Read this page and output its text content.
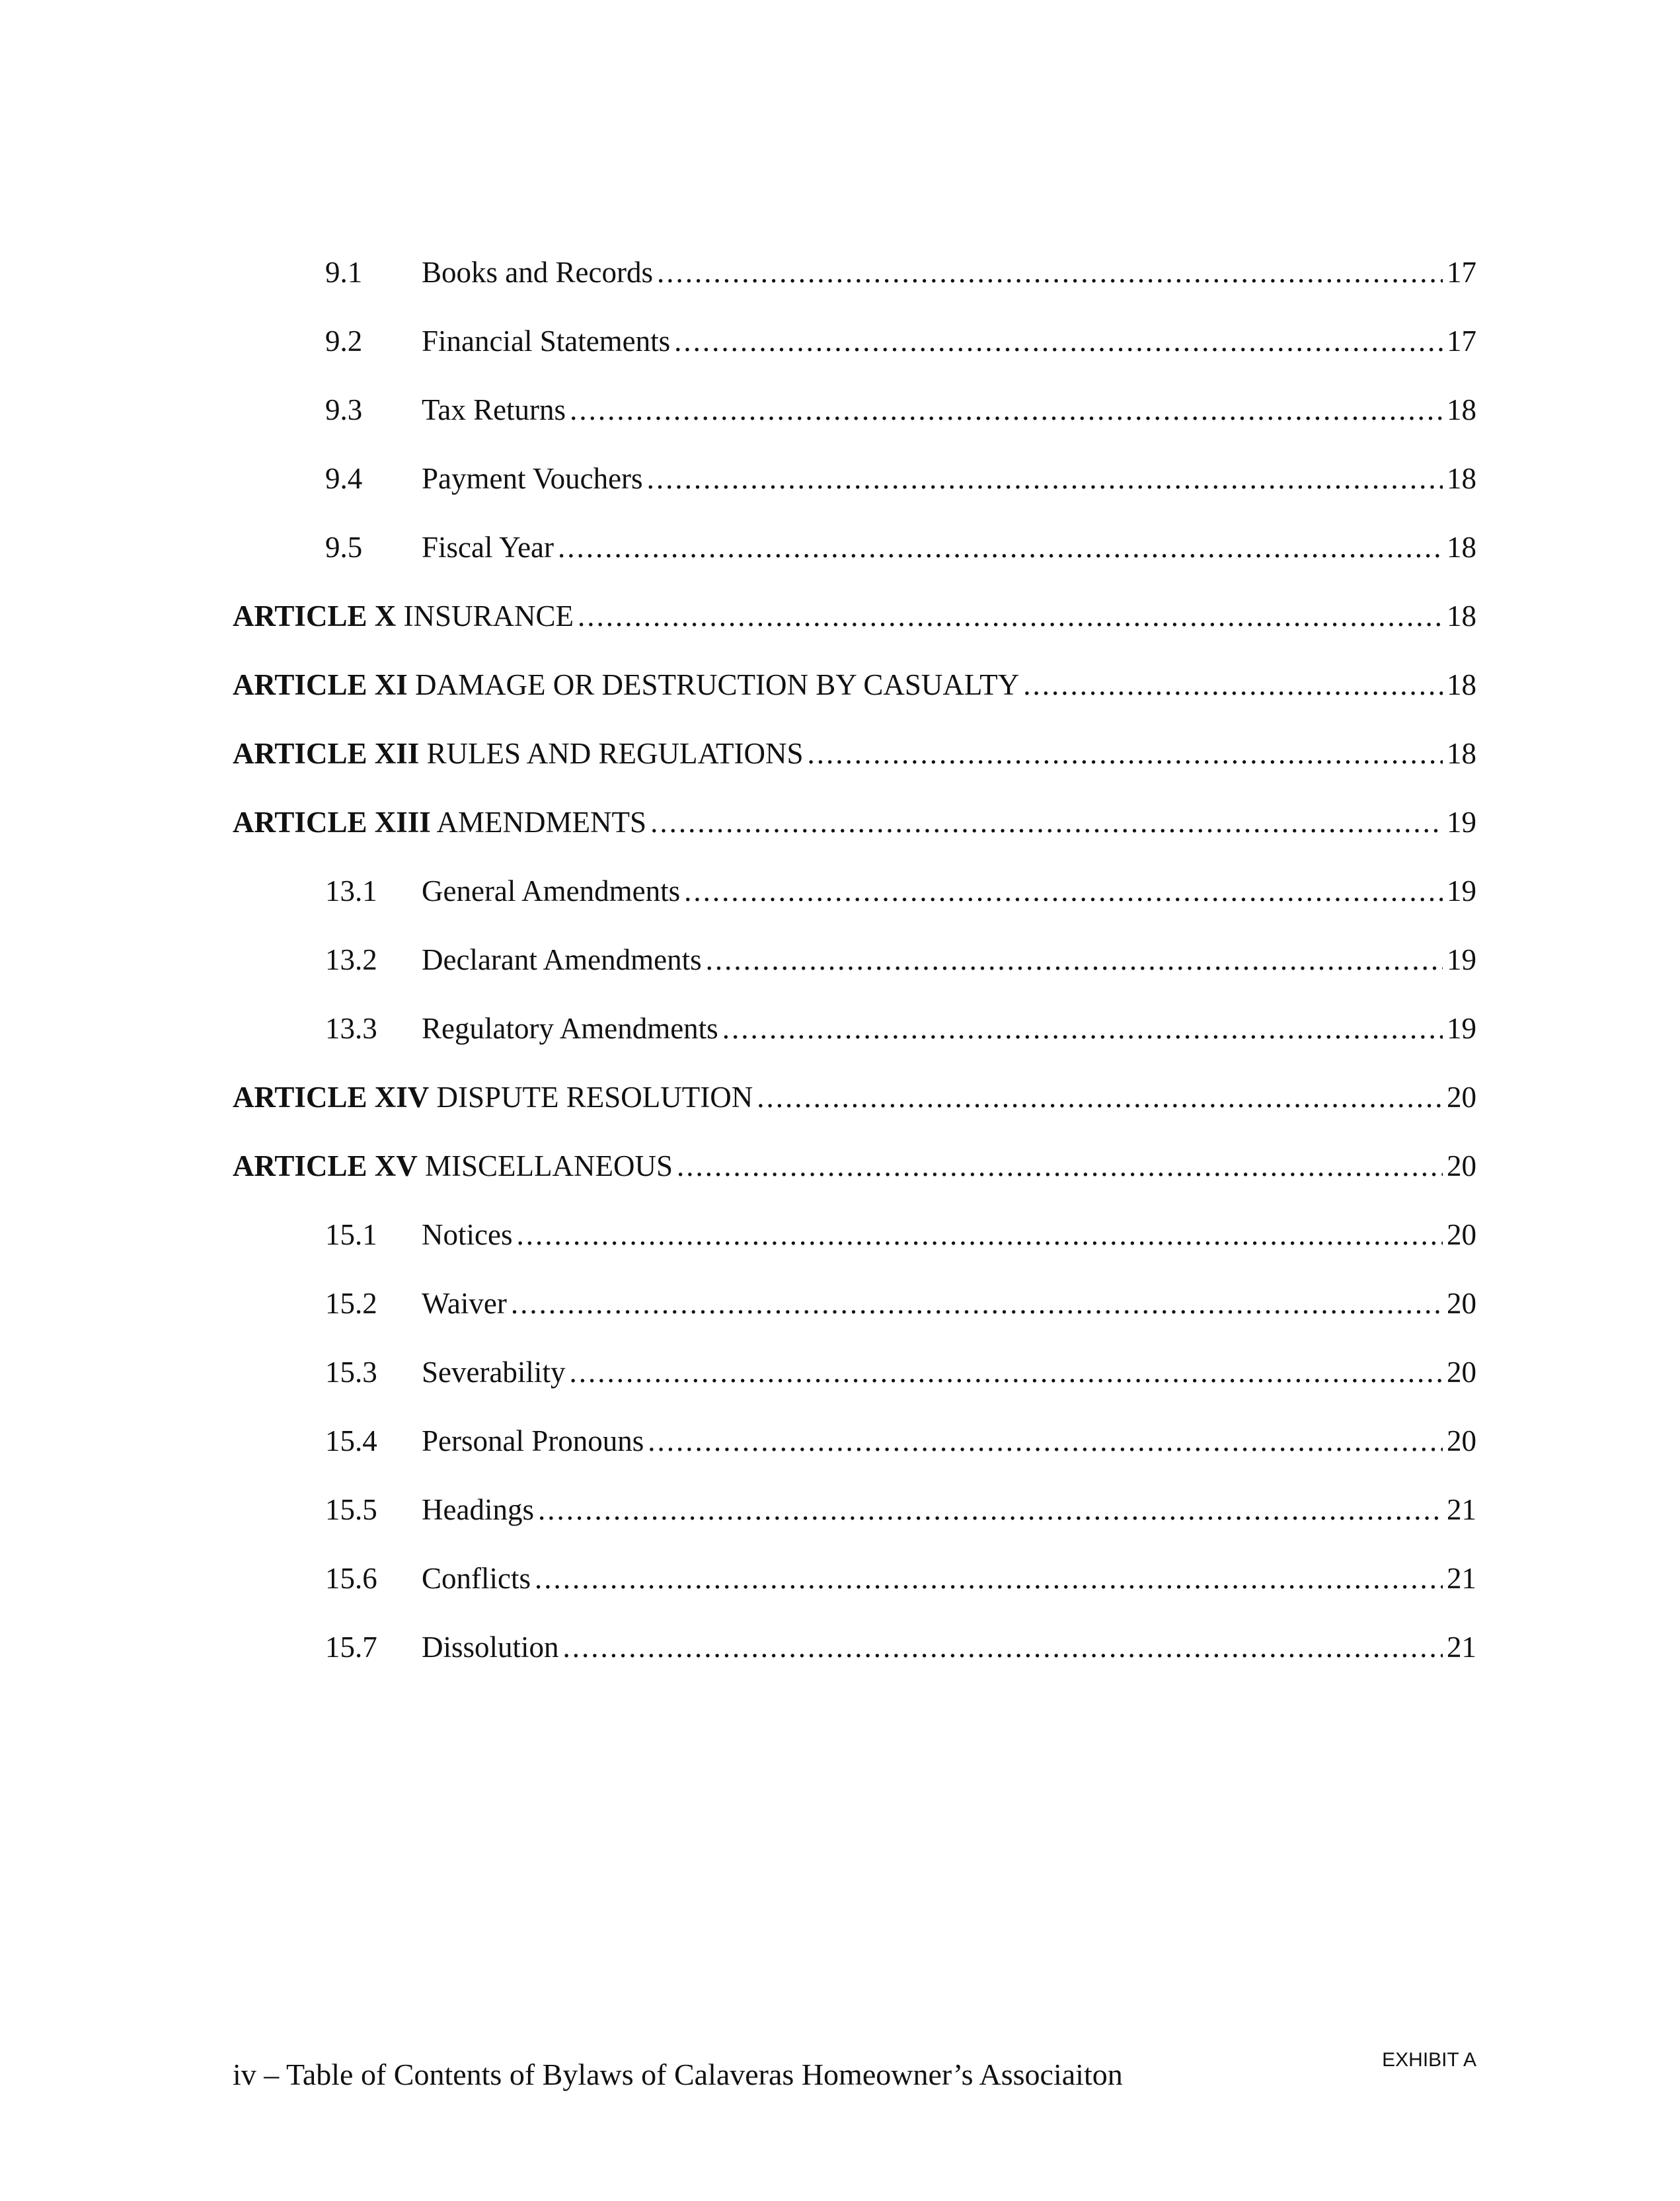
9.1	Books and Records .....	17
9.2	Financial Statements .....	17
9.3	Tax Returns .....	18
9.4	Payment Vouchers .....	18
9.5	Fiscal Year .....	18
ARTICLE X INSURANCE .....	18
ARTICLE XI DAMAGE OR DESTRUCTION BY CASUALTY .....	18
ARTICLE XII RULES AND REGULATIONS .....	18
ARTICLE XIII AMENDMENTS .....	19
13.1	General Amendments .....	19
13.2	Declarant Amendments .....	19
13.3	Regulatory Amendments .....	19
ARTICLE XIV DISPUTE RESOLUTION .....	20
ARTICLE XV MISCELLANEOUS .....	20
15.1	Notices .....	20
15.2	Waiver .....	20
15.3	Severability .....	20
15.4	Personal Pronouns .....	20
15.5	Headings .....	21
15.6	Conflicts .....	21
15.7	Dissolution .....	21
iv – Table of Contents of Bylaws of Calaveras Homeowner’s Associaiton	EXHIBIT A
